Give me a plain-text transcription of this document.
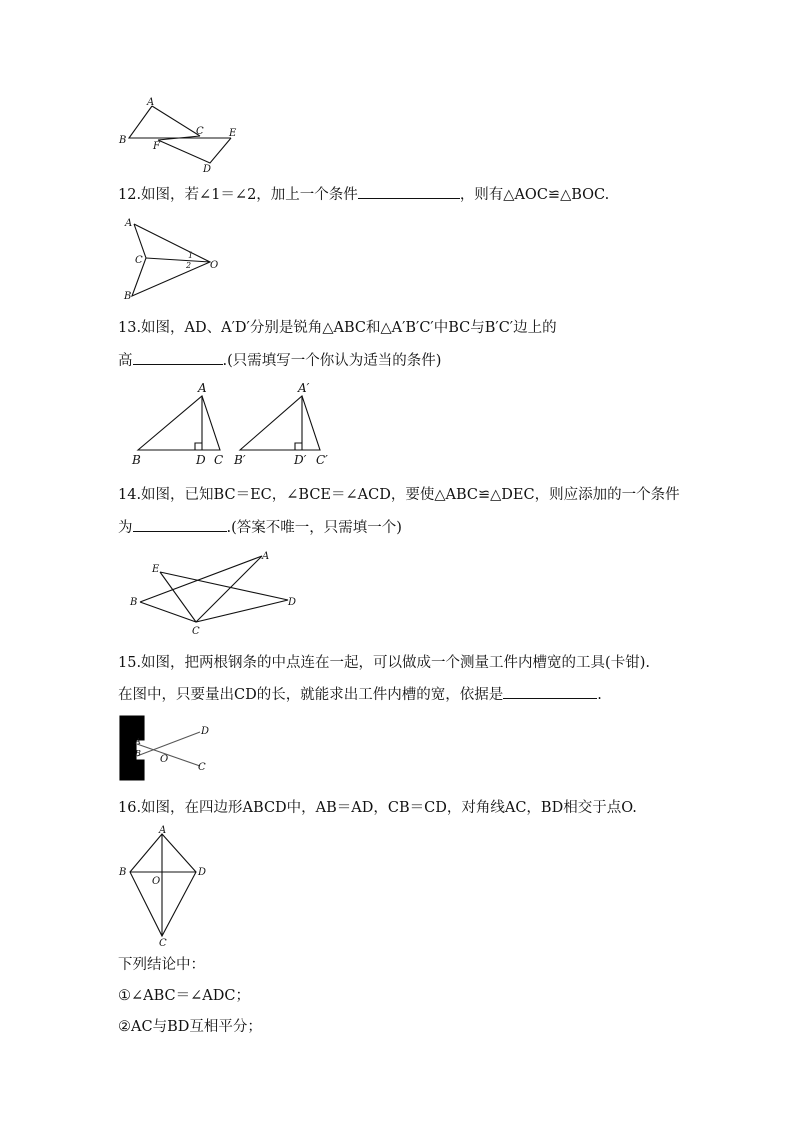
A
B
C	E
F
D
12.如图，若∠1＝∠2，加上一个条件	，则有△AOC≌△BOC.
A
C
B
O
1
2
13.如图，AD、A′D′分别是锐角△ABC和△A′B′C′中BC与B′C′边上的
高	.(只需填写一个你认为适当的条件)
A
B	D C
A′
B′	D′ C′
14.如图，已知BC＝EC，∠BCE＝∠ACD，要使△ABC≌△DEC，则应添加的一个条件
为	.(答案不唯一，只需填一个)
E
A
B	D
C
15.如图，把两根钢条的中点连在一起，可以做成一个测量工件内槽宽的工具(卡钳).
在图中，只要量出CD的长，就能求出工件内槽的宽，依据是	.
A
B
O
D
C
16.如图，在四边形ABCD中，AB＝AD，CB＝CD，对角线AC，BD相交于点O.
A
B	D
O
C
下列结论中：
①∠ABC＝∠ADC；
②AC与BD互相平分；
